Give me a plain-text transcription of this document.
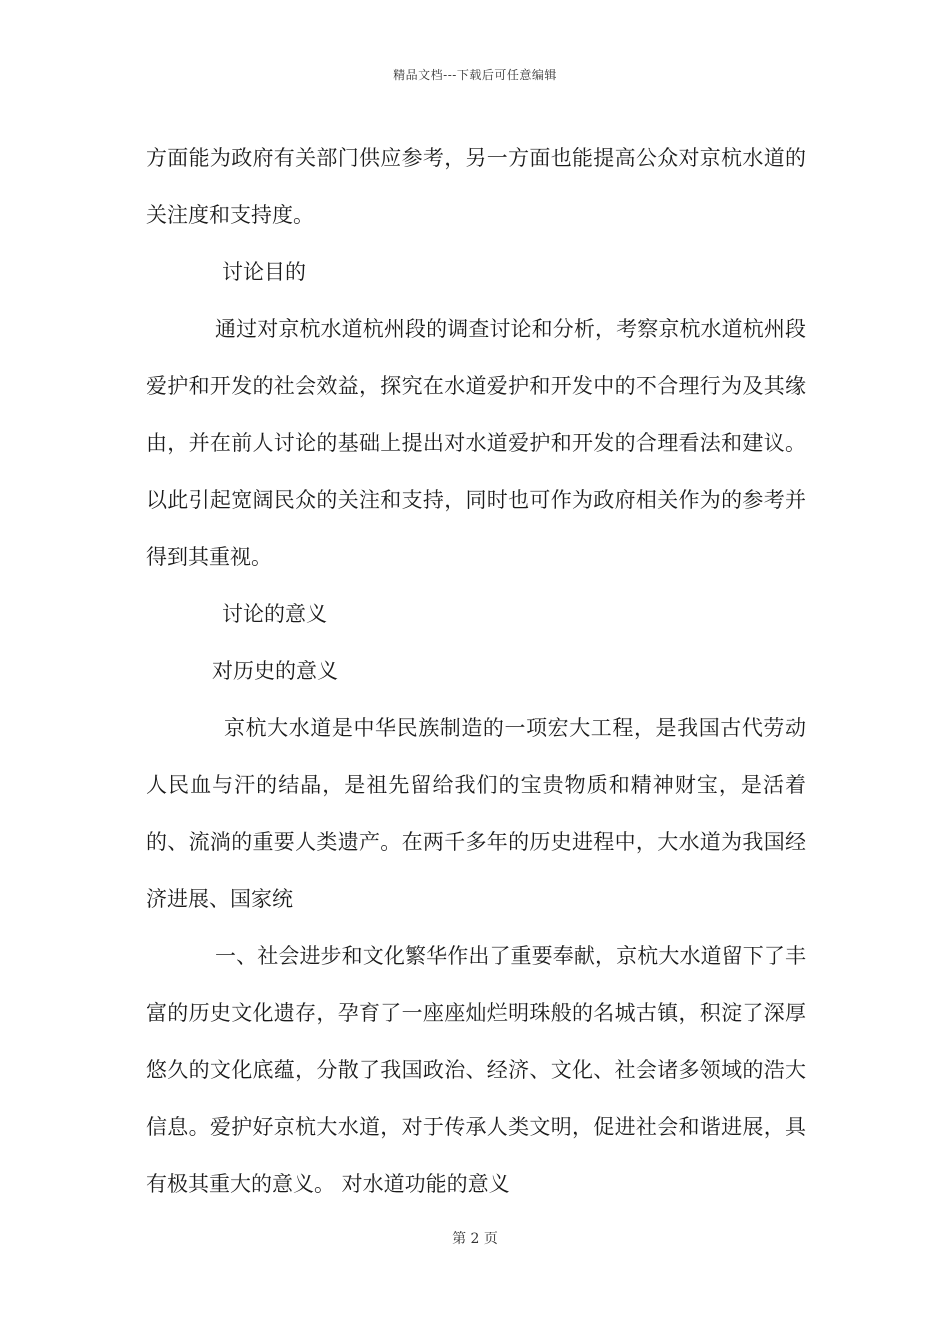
精品文档---下载后可任意编辑

方面能为政府有关部门供应参考，另一方面也能提高公众对京杭水道的关注度和支持度。

讨论目的

通过对京杭水道杭州段的调查讨论和分析，考察京杭水道杭州段爱护和开发的社会效益，探究在水道爱护和开发中的不合理行为及其缘由，并在前人讨论的基础上提出对水道爱护和开发的合理看法和建议。以此引起宽阔民众的关注和支持，同时也可作为政府相关作为的参考并得到其重视。

讨论的意义

对历史的意义

京杭大水道是中华民族制造的一项宏大工程，是我国古代劳动人民血与汗的结晶，是祖先留给我们的宝贵物质和精神财宝，是活着的、流淌的重要人类遗产。在两千多年的历史进程中，大水道为我国经济进展、国家统

一、社会进步和文化繁华作出了重要奉献，京杭大水道留下了丰富的历史文化遗存，孕育了一座座灿烂明珠般的名城古镇，积淀了深厚悠久的文化底蕴，分散了我国政治、经济、文化、社会诸多领域的浩大信息。爱护好京杭大水道，对于传承人类文明，促进社会和谐进展，具有极其重大的意义。 对水道功能的意义

第 2 页
